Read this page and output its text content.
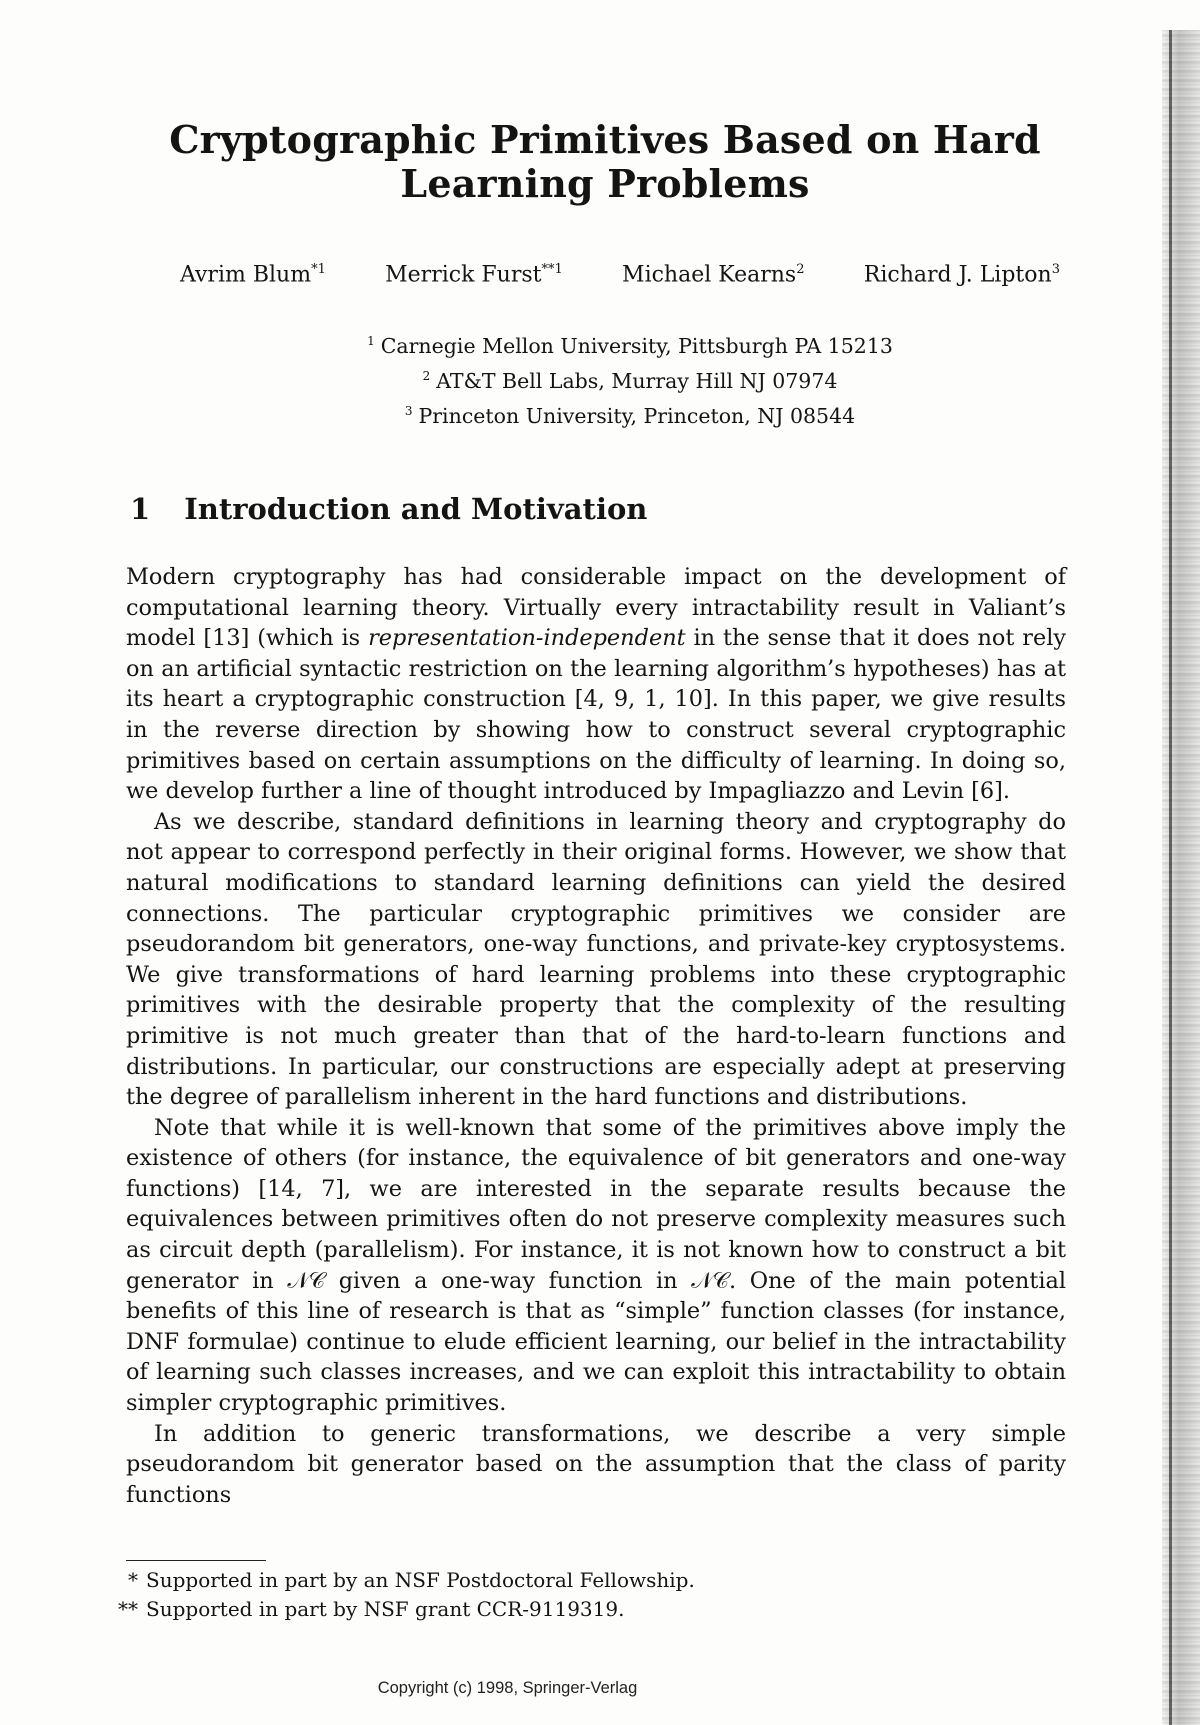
Cryptographic Primitives Based on Hard Learning Problems
Avrim Blum$^{*1}$	Merrick Furst$^{**1}$	Michael Kearns$^2$	Richard J. Lipton$^3$
$^1$ Carnegie Mellon University, Pittsburgh PA 15213
$^2$ AT&T Bell Labs, Murray Hill NJ 07974
$^3$ Princeton University, Princeton, NJ 08544
1 Introduction and Motivation

Modern cryptography has had considerable impact on the development of computational learning theory. Virtually every intractability result in Valiant’s model [13] (which is representation-independent in the sense that it does not rely on an artificial syntactic restriction on the learning algorithm’s hypotheses) has at its heart a cryptographic construction [4, 9, 1, 10]. In this paper, we give results in the reverse direction by showing how to construct several cryptographic primitives based on certain assumptions on the difficulty of learning. In doing so, we develop further a line of thought introduced by Impagliazzo and Levin [6].

As we describe, standard definitions in learning theory and cryptography do not appear to correspond perfectly in their original forms. However, we show that natural modifications to standard learning definitions can yield the desired connections. The particular cryptographic primitives we consider are pseudorandom bit generators, one-way functions, and private-key cryptosystems. We give transformations of hard learning problems into these cryptographic primitives with the desirable property that the complexity of the resulting primitive is not much greater than that of the hard-to-learn functions and distributions. In particular, our constructions are especially adept at preserving the degree of parallelism inherent in the hard functions and distributions.

Note that while it is well-known that some of the primitives above imply the existence of others (for instance, the equivalence of bit generators and one-way functions) [14, 7], we are interested in the separate results because the equivalences between primitives often do not preserve complexity measures such as circuit depth (parallelism). For instance, it is not known how to construct a bit generator in 𝒩𝒞 given a one-way function in 𝒩𝒞. One of the main potential benefits of this line of research is that as “simple” function classes (for instance, DNF formulae) continue to elude efficient learning, our belief in the intractability of learning such classes increases, and we can exploit this intractability to obtain simpler cryptographic primitives.

In addition to generic transformations, we describe a very simple pseudorandom bit generator based on the assumption that the class of parity functions

* Supported in part by an NSF Postdoctoral Fellowship.
** Supported in part by NSF grant CCR-9119319.
Copyright (c) 1998, Springer-Verlag
